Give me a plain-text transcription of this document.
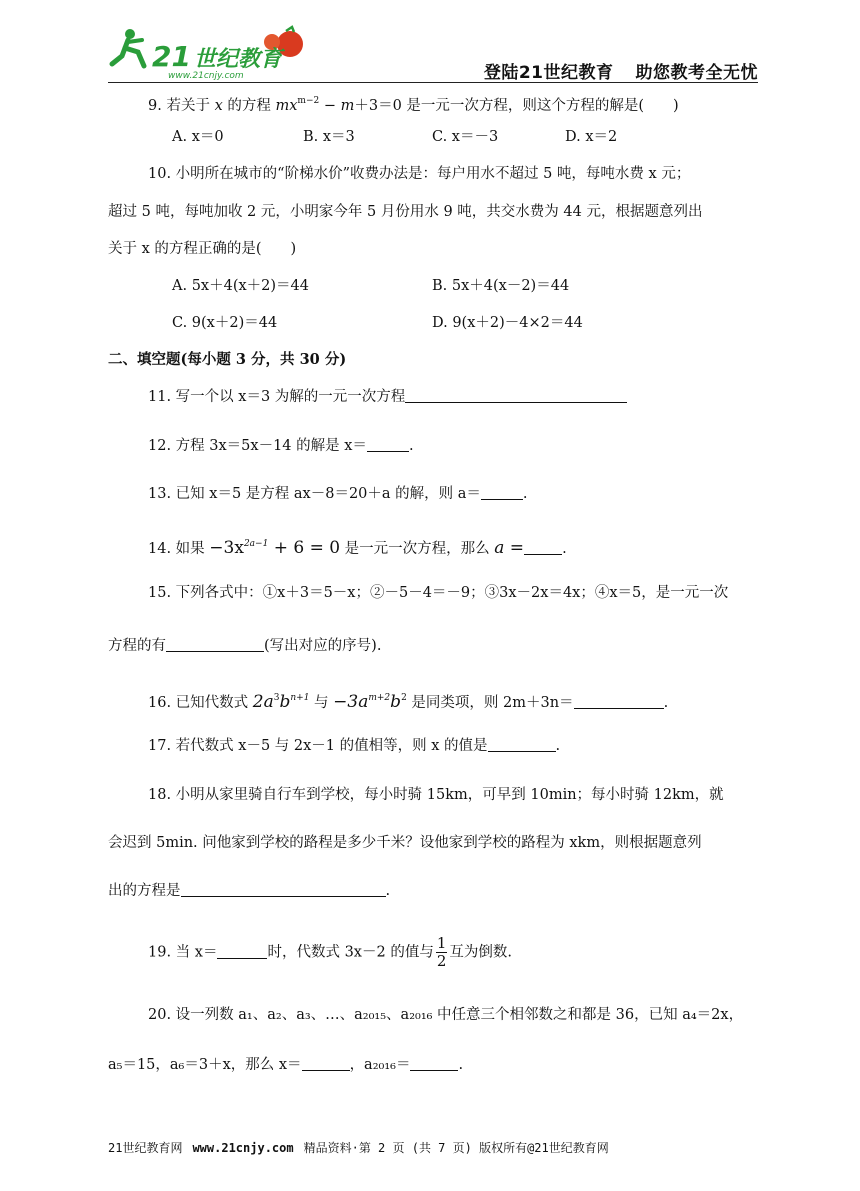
21 世纪教育
www.21cnjy.com	登陆21世纪教育 助您教考全无忧
9. 若关于 x 的方程 $mx^{m-2} - m+3=0$ 是一元一次方程，则这个方程的解是(　　)
A. x＝0	B. x＝3	C. x＝－3	D. x＝2
10. 小明所在城市的“阶梯水价”收费办法是：每户用水不超过 5 吨，每吨水费 x 元；
超过 5 吨，每吨加收 2 元，小明家今年 5 月份用水 9 吨，共交水费为 44 元，根据题意列出
关于 x 的方程正确的是(　　)
A. 5x＋4(x＋2)＝44	B. 5x＋4(x－2)＝44
C. 9(x＋2)＝44	D. 9(x＋2)－4×2＝44
二、填空题(每小题 3 分，共 30 分)
11. 写一个以 x＝3 为解的一元一次方程
12. 方程 3x＝5x－14 的解是 x＝	.
13. 已知 x＝5 是方程 ax－8＝20＋a 的解，则 a＝	.
14. 如果 $-3x^{2a-1} + 6 = 0$ 是一元一次方程，那么 a =	.
15. 下列各式中：①x＋3＝5－x；②－5－4＝－9；③3x－2x＝4x；④x＝5，是一元一次
方程的有	(写出对应的序号).
16. 已知代数式 $2a^3b^{n+1}$ 与 $-3a^{m+2}b^2$ 是同类项，则 2m＋3n＝	.
17. 若代数式 x－5 与 2x－1 的值相等，则 x 的值是	.
18. 小明从家里骑自行车到学校，每小时骑 15km，可早到 10min；每小时骑 12km，就
会迟到 5min. 问他家到学校的路程是多少千米？设他家到学校的路程为 xkm，则根据题意列
出的方程是	.
19. 当 x＝	时，代数式 3x－2 的值与 $\frac{1}{2}$ 互为倒数.
20. 设一列数 a₁、a₂、a₃、…、a₂₀₁₅、a₂₀₁₆ 中任意三个相邻数之和都是 36，已知 a₄＝2x，
a₅＝15，a₆＝3＋x，那么 x＝	，a₂₀₁₆＝	.
21世纪教育网 www.21cnjy.com 精品资料·第 2 页 (共 7 页) 版权所有@21世纪教育网
